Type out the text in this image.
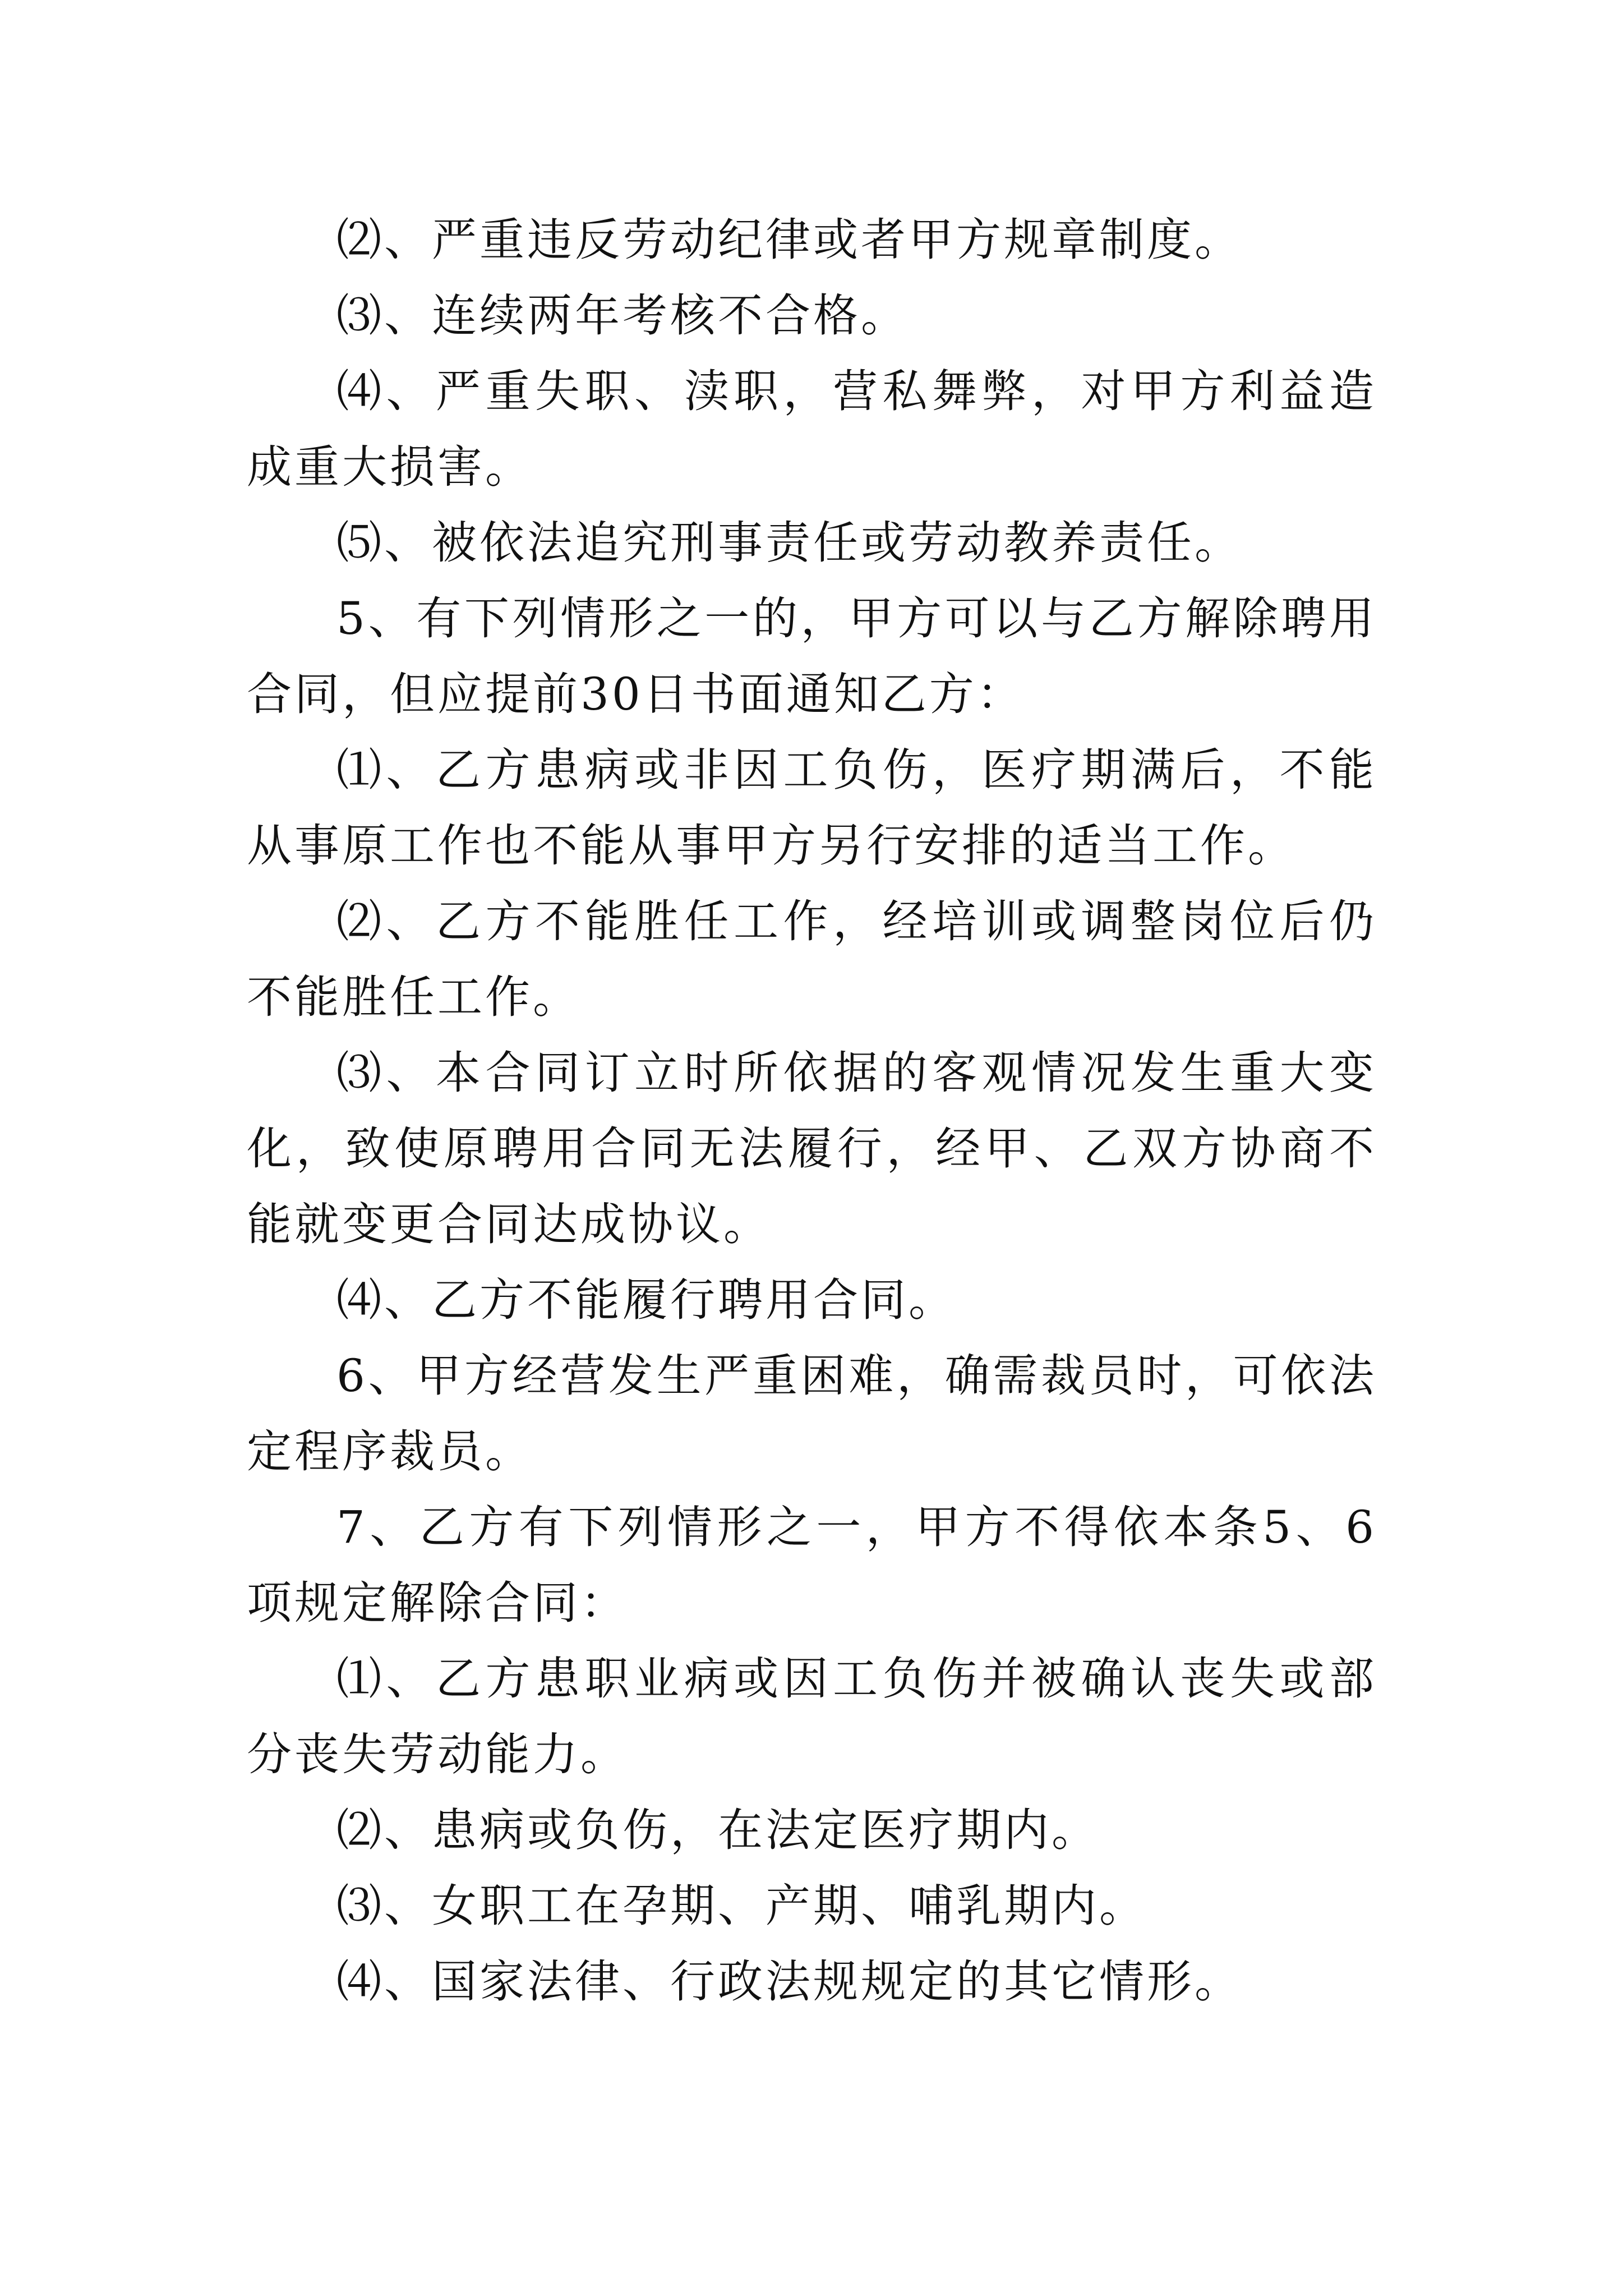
⑵、严重违反劳动纪律或者甲方规章制度。

⑶、连续两年考核不合格。

⑷、严重失职、渎职，营私舞弊，对甲方利益造成重大损害。

⑸、被依法追究刑事责任或劳动教养责任。

5、有下列情形之一的，甲方可以与乙方解除聘用合同，但应提前30日书面通知乙方：

⑴、乙方患病或非因工负伤，医疗期满后，不能从事原工作也不能从事甲方另行安排的适当工作。

⑵、乙方不能胜任工作，经培训或调整岗位后仍不能胜任工作。

⑶、本合同订立时所依据的客观情况发生重大变化，致使原聘用合同无法履行，经甲、乙双方协商不能就变更合同达成协议。

⑷、乙方不能履行聘用合同。

6、甲方经营发生严重困难，确需裁员时，可依法定程序裁员。

7、乙方有下列情形之一，甲方不得依本条5、6项规定解除合同：

⑴、乙方患职业病或因工负伤并被确认丧失或部分丧失劳动能力。

⑵、患病或负伤，在法定医疗期内。

⑶、女职工在孕期、产期、哺乳期内。

⑷、国家法律、行政法规规定的其它情形。
